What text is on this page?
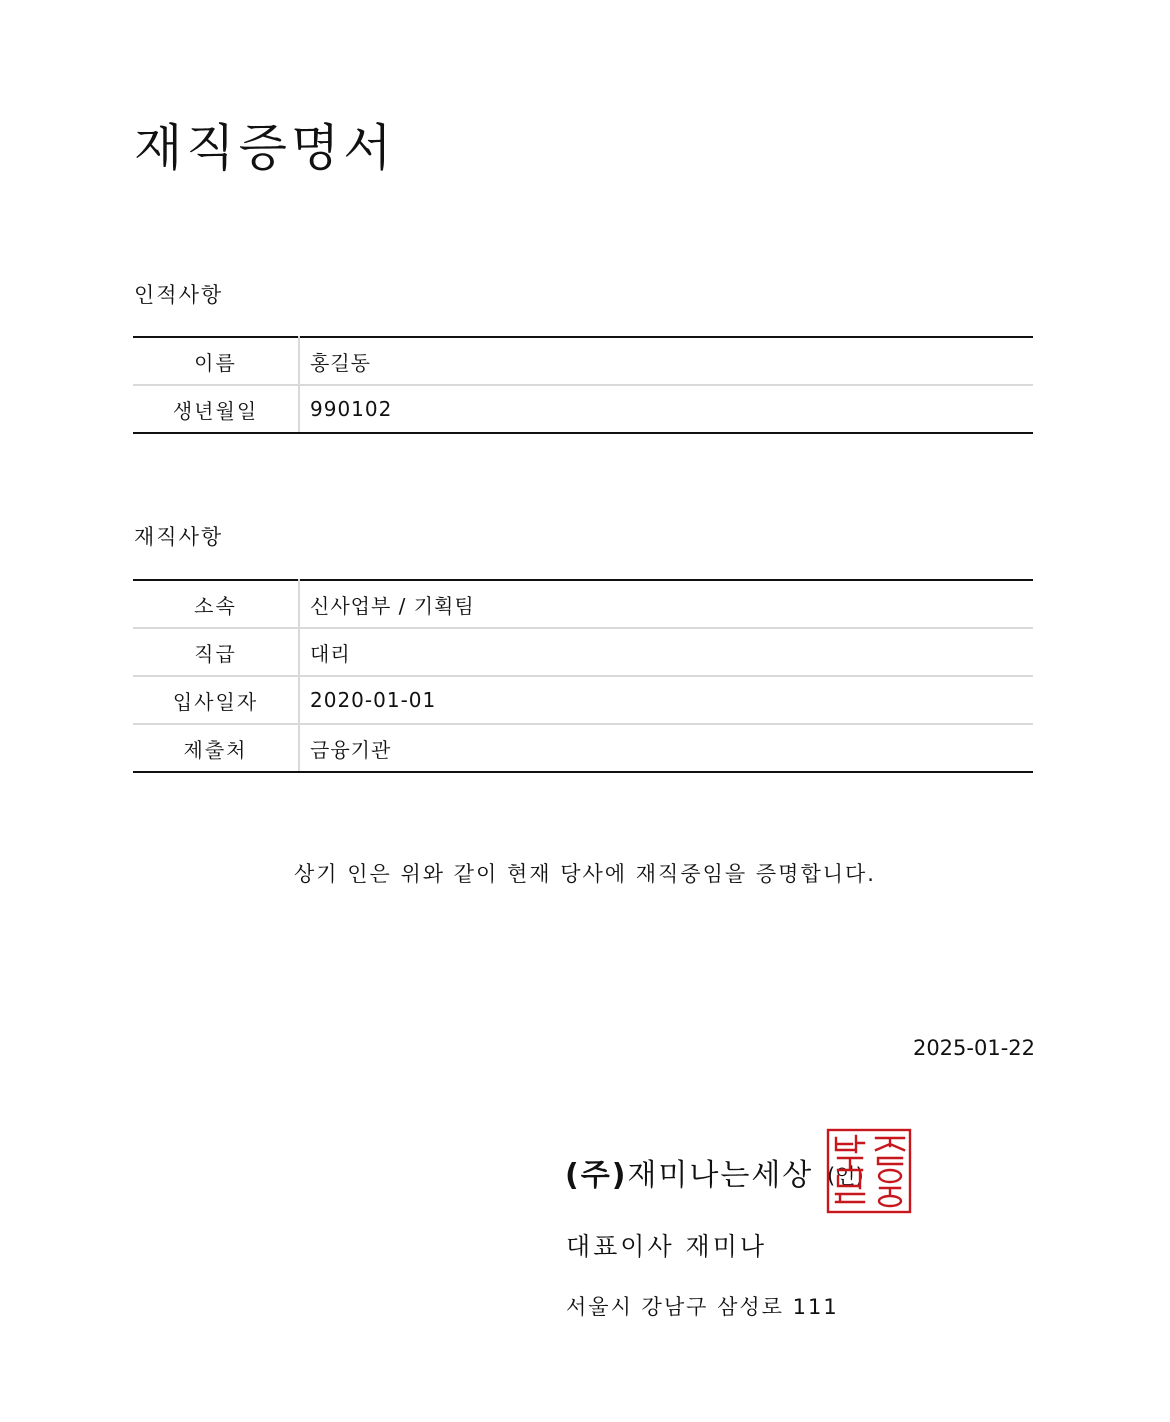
재직증명서
인적사항
이름	홍길동
생년월일	990102
재직사항
소속	신사업부 / 기획팀
직급	대리
입사일자	2020-01-01
제출처	금융기관
상기 인은 위와 같이 현재 당사에 재직중임을 증명합니다.
2025-01-22
(주)재미나는세상 (인)
대표이사 재미나
서울시 강남구 삼성로 111
